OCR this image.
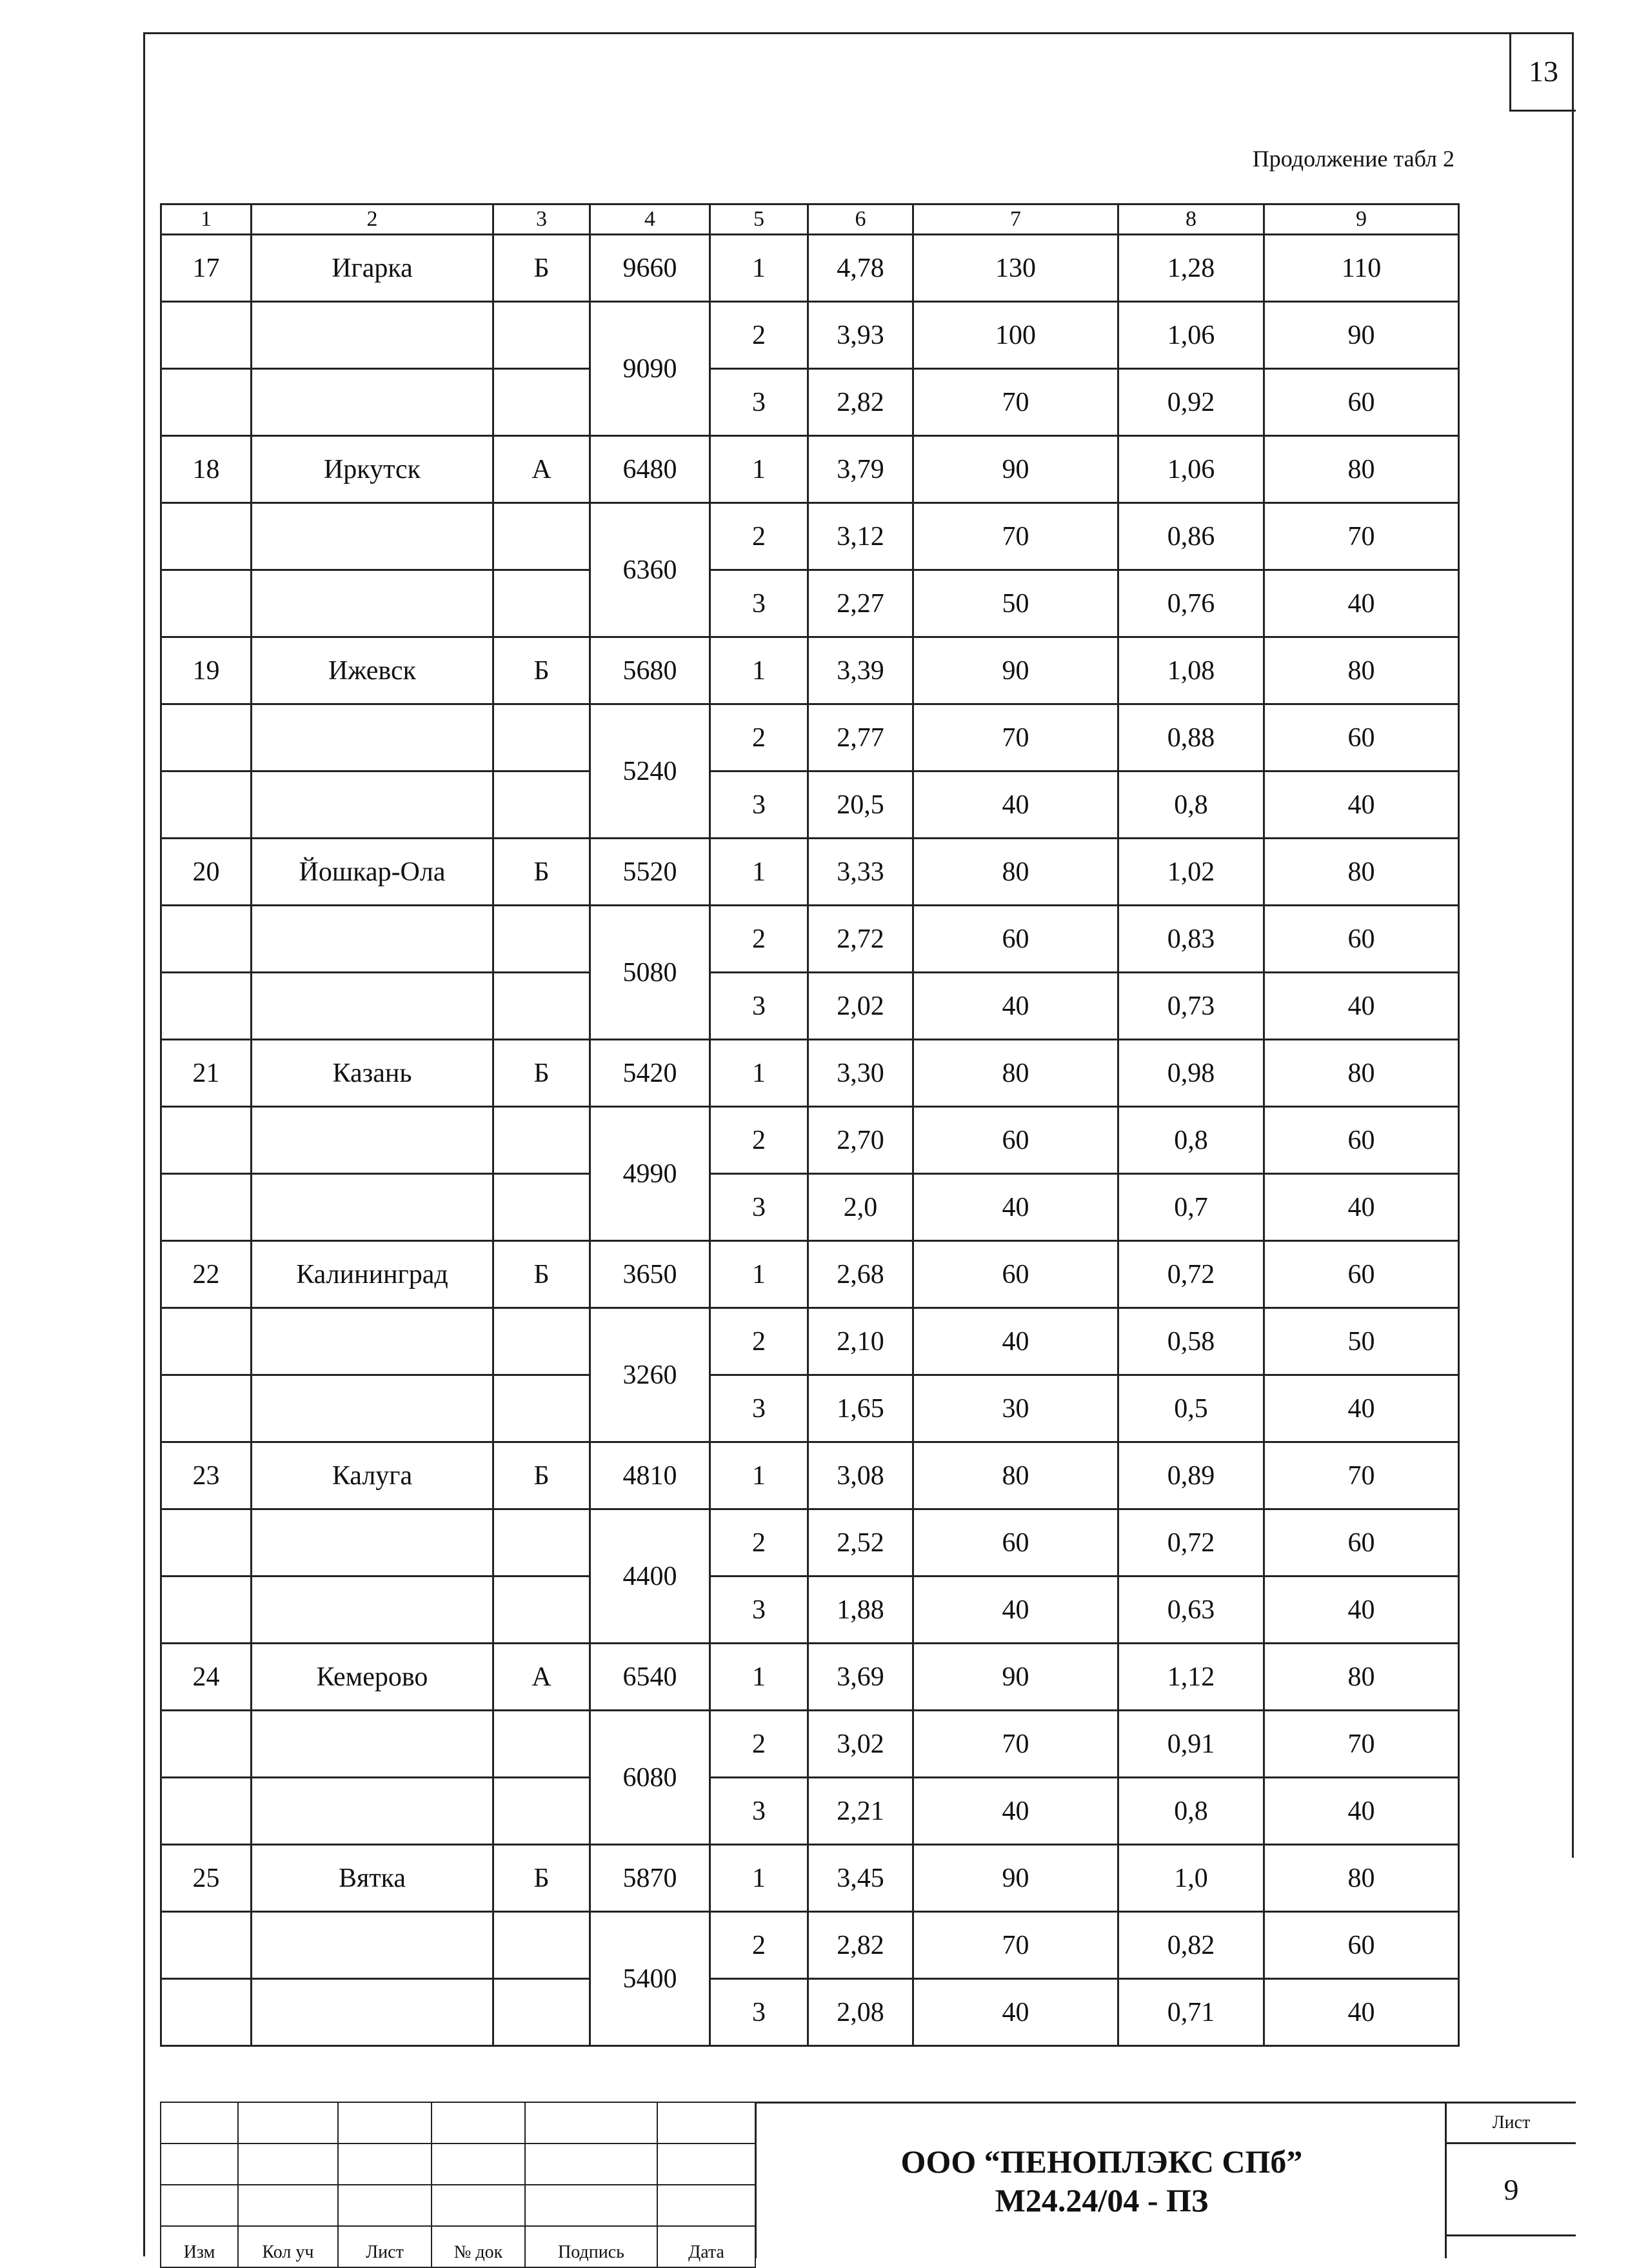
13
Продолжение табл 2
1	2	3	4	5	6	7	8	9
17	Игарка	Б	9660	1	4,78	130	1,28	110
			9090	2	3,93	100	1,06	90
				3	2,82	70	0,92	60
18	Иркутск	А	6480	1	3,79	90	1,06	80
			6360	2	3,12	70	0,86	70
				3	2,27	50	0,76	40
19	Ижевск	Б	5680	1	3,39	90	1,08	80
			5240	2	2,77	70	0,88	60
				3	20,5	40	0,8	40
20	Йошкар-Ола	Б	5520	1	3,33	80	1,02	80
			5080	2	2,72	60	0,83	60
				3	2,02	40	0,73	40
21	Казань	Б	5420	1	3,30	80	0,98	80
			4990	2	2,70	60	0,8	60
				3	2,0	40	0,7	40
22	Калининград	Б	3650	1	2,68	60	0,72	60
			3260	2	2,10	40	0,58	50
				3	1,65	30	0,5	40
23	Калуга	Б	4810	1	3,08	80	0,89	70
			4400	2	2,52	60	0,72	60
				3	1,88	40	0,63	40
24	Кемерово	А	6540	1	3,69	90	1,12	80
			6080	2	3,02	70	0,91	70
				3	2,21	40	0,8	40
25	Вятка	Б	5870	1	3,45	90	1,0	80
			5400	2	2,82	70	0,82	60
				3	2,08	40	0,71	40

Изм	Кол уч	Лист	№ док	Подпись	Дата
ООО “ПЕНОПЛЭКС СПб”
М24.24/04 - ПЗ
Лист
9
